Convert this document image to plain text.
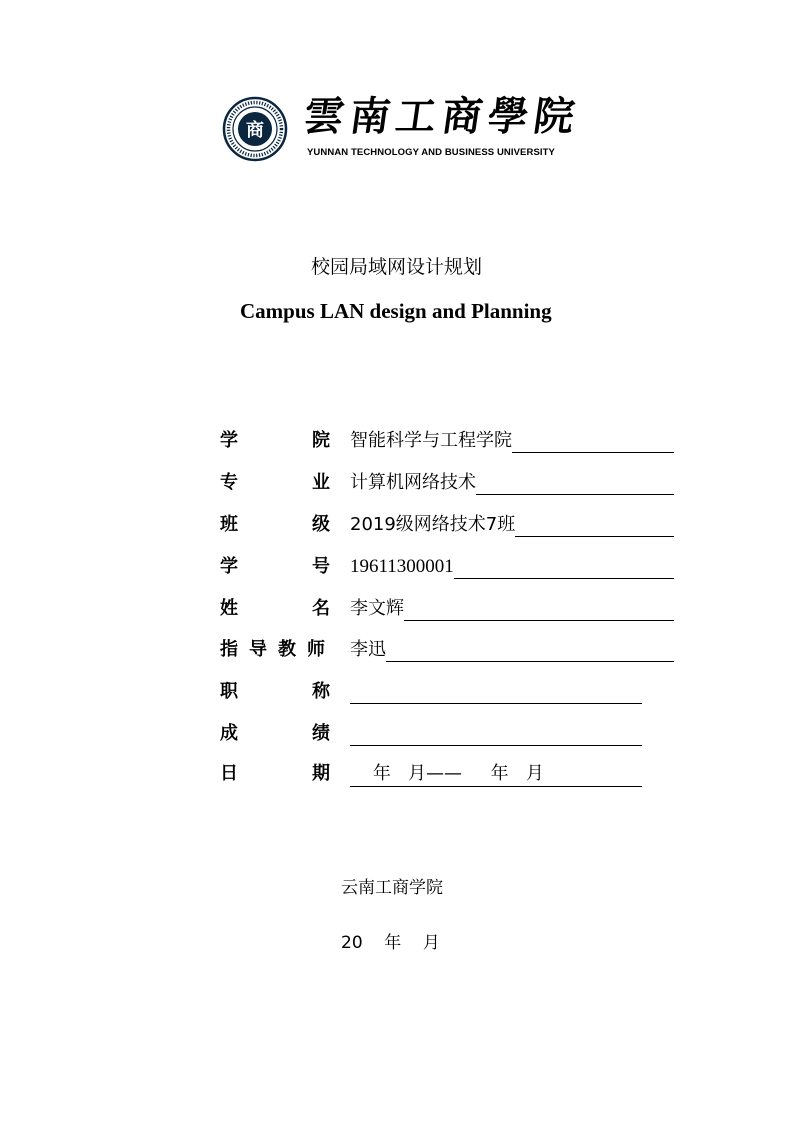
商 雲南工商學院
YUNNAN TECHNOLOGY AND BUSINESS UNIVERSITY
校园局域网设计规划
Campus LAN design and Planning
学	院 智能科学与工程学院
专	业 计算机网络技术
班	级 2019级网络技术7班
学	号 19611300001
姓	名 李文辉
指导教师 李迅
职	称
成	绩
日	期 年   月——     年   月
云南工商学院
20    年    月
